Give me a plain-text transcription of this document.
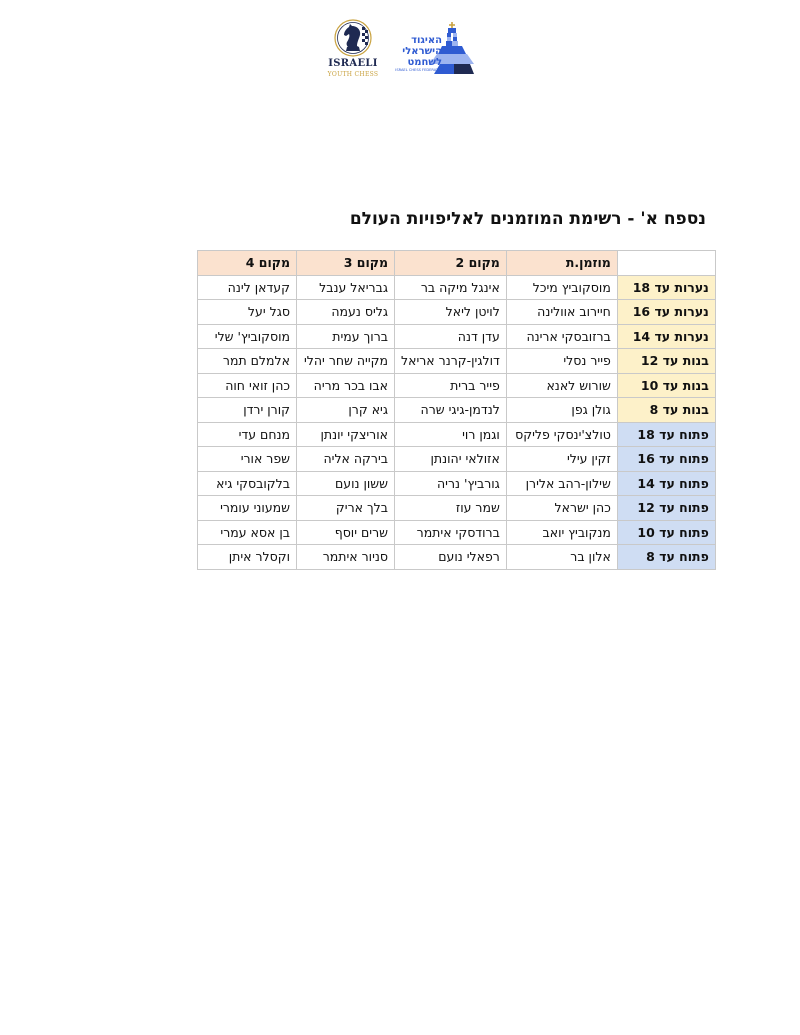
ISRAELI
YOUTH CHESS
האיגוד
הישראלי
לשחמט
ISRAEL CHESS FEDERATION
נספח א' - רשימת המוזמנים לאליפויות העולם
	מוזמן.ת	מקום 2	מקום 3	מקום 4
נערות עד 18	מוסקוביץ מיכל	אינגל מיקה בר	גבריאל ענבל	קעדאן לינה
נערות עד 16	חיירוב אוולינה	לויטן ליאל	גליס נעמה	סגל יעל
נערות עד 14	ברזובסקי ארינה	עדן דנה	ברוך עמית	מוסקוביץ' שלי
בנות עד 12	פייר נסלי	דולגין-קרנר אריאל	מקייה שחר יהלי	אלמלם תמר
בנות עד 10	שורוש לאנא	פייר ברית	אבו בכר מריה	כהן זואי חוה
בנות עד 8	גולן גפן	לנדמן-גיגי שרה	גיא קרן	קורן ירדן
פתוח עד 18	טולצ'ינסקי פליקס	וגמן רוי	אוריצקי יונתן	מנחם עדי
פתוח עד 16	זקין עילי	אזולאי יהונתן	בירקה אליה	שפר אורי
פתוח עד 14	שילון-רהב אלירן	גורביץ' נריה	ששון נועם	בלקובסקי גיא
פתוח עד 12	כהן ישראל	שמר עוז	בלך אריק	שמעוני עומרי
פתוח עד 10	מנקוביץ יואב	ברודסקי איתמר	שרים יוסף	בן אסא עמרי
פתוח עד 8	אלון בר	רפאלי נועם	סניור איתמר	וקסלר איתן
